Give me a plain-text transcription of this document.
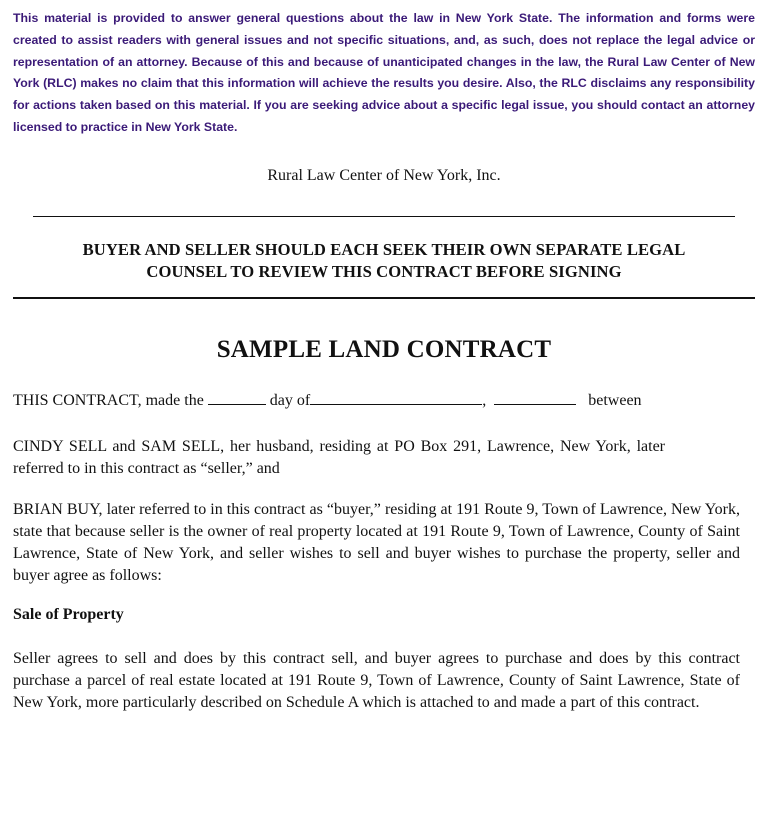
This material is provided to answer general questions about the law in New York State. The information and forms were created to assist readers with general issues and not specific situations, and, as such, does not replace the legal advice or representation of an attorney. Because of this and because of unanticipated changes in the law, the Rural Law Center of New York (RLC) makes no claim that this information will achieve the results you desire. Also, the RLC disclaims any responsibility for actions taken based on this material. If you are seeking advice about a specific legal issue, you should contact an attorney licensed to practice in New York State.

Rural Law Center of New York, Inc.
BUYER AND SELLER SHOULD EACH SEEK THEIR OWN SEPARATE LEGAL
COUNSEL TO REVIEW THIS CONTRACT BEFORE SIGNING
SAMPLE LAND CONTRACT

THIS CONTRACT, made the	day of	,	between

CINDY SELL and SAM SELL, her husband, residing at PO Box 291, Lawrence, New York, later referred to in this contract as “seller,” and

BRIAN BUY, later referred to in this contract as “buyer,” residing at 191 Route 9, Town of Lawrence, New York, state that because seller is the owner of real property located at 191 Route 9, Town of Lawrence, County of Saint Lawrence, State of New York, and seller wishes to sell and buyer wishes to purchase the property, seller and buyer agree as follows:

Sale of Property

Seller agrees to sell and does by this contract sell, and buyer agrees to purchase and does by this contract purchase a parcel of real estate located at 191 Route 9, Town of Lawrence, County of Saint Lawrence, State of New York, more particularly described on Schedule A which is attached to and made a part of this contract.
